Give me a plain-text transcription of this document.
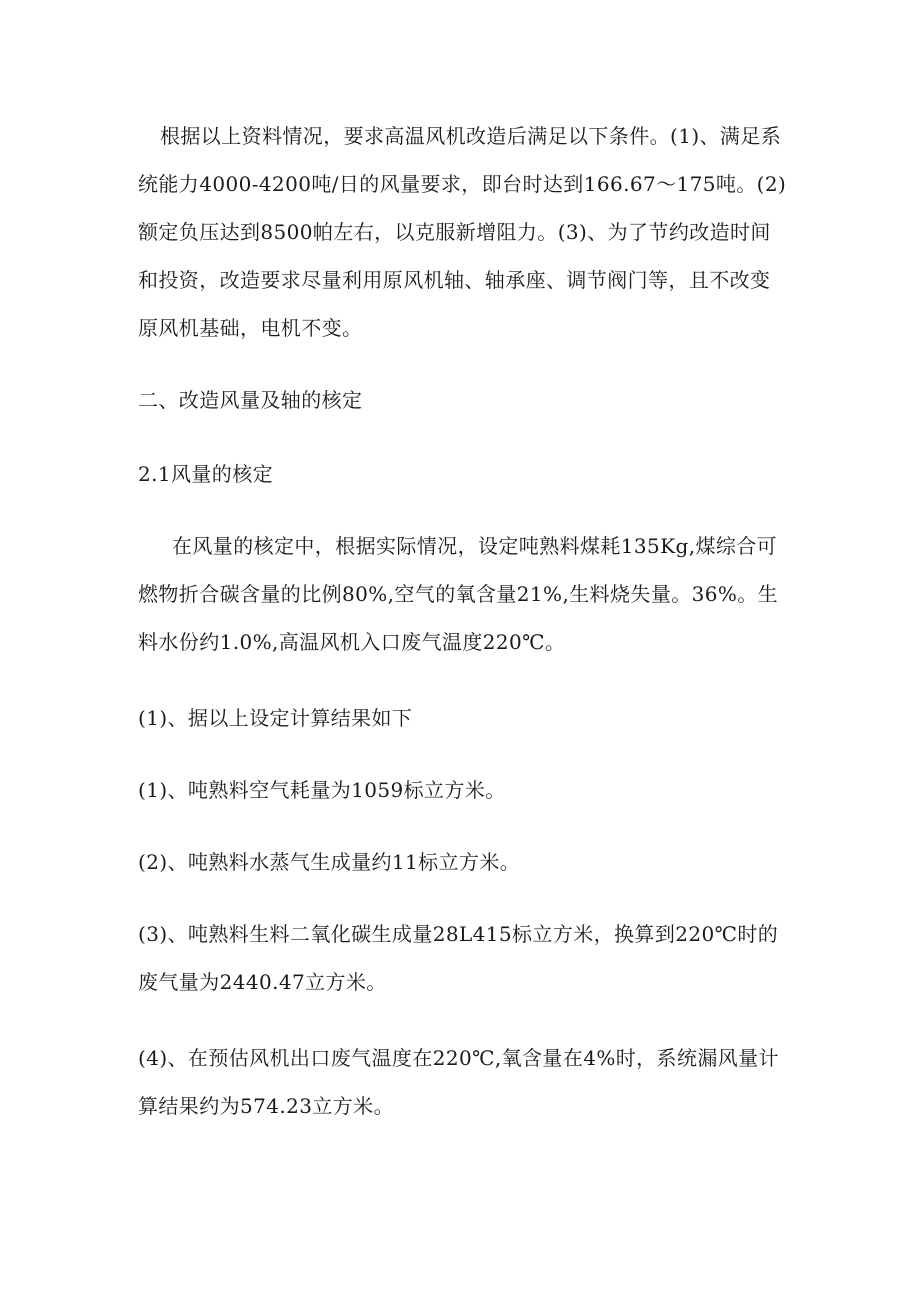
根据以上资料情况，要求高温风机改造后满足以下条件。(1)、满足系统能力4000-4200吨/日的风量要求，即台时达到166.67～175吨。(2)额定负压达到8500帕左右，以克服新增阻力。(3)、为了节约改造时间和投资，改造要求尽量利用原风机轴、轴承座、调节阀门等，且不改变原风机基础，电机不变。

二、改造风量及轴的核定

2.1风量的核定

在风量的核定中，根据实际情况，设定吨熟料煤耗135Kg,煤综合可燃物折合碳含量的比例80%,空气的氧含量21%,生料烧失量。36%。生料水份约1.0%,高温风机入口废气温度220℃。

(1)、据以上设定计算结果如下

(1)、吨熟料空气耗量为1059标立方米。

(2)、吨熟料水蒸气生成量约11标立方米。

(3)、吨熟料生料二氧化碳生成量28L415标立方米，换算到220℃时的废气量为2440.47立方米。

(4)、在预估风机出口废气温度在220℃,氧含量在4%时，系统漏风量计算结果约为574.23立方米。
